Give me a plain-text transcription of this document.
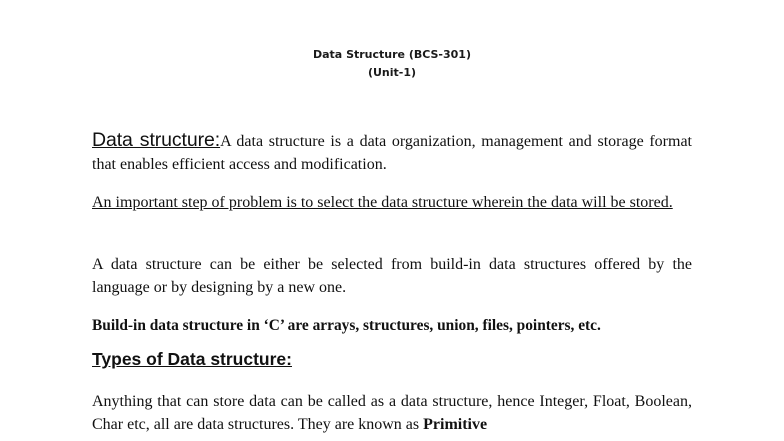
Data Structure (BCS-301)
(Unit-1)
Data structure:A data structure is a data organization, management and storage format that enables efficient access and modification.
An important step of problem is to select the data structure wherein the data will be stored.
A data structure can be either be selected from build-in data structures offered by the language or by designing by a new one.
Build-in data structure in ‘C’ are arrays, structures, union, files, pointers, etc.
Types of Data structure:
Anything that can store data can be called as a data structure, hence Integer, Float, Boolean, Char etc, all are data structures. They are known as Primitive
